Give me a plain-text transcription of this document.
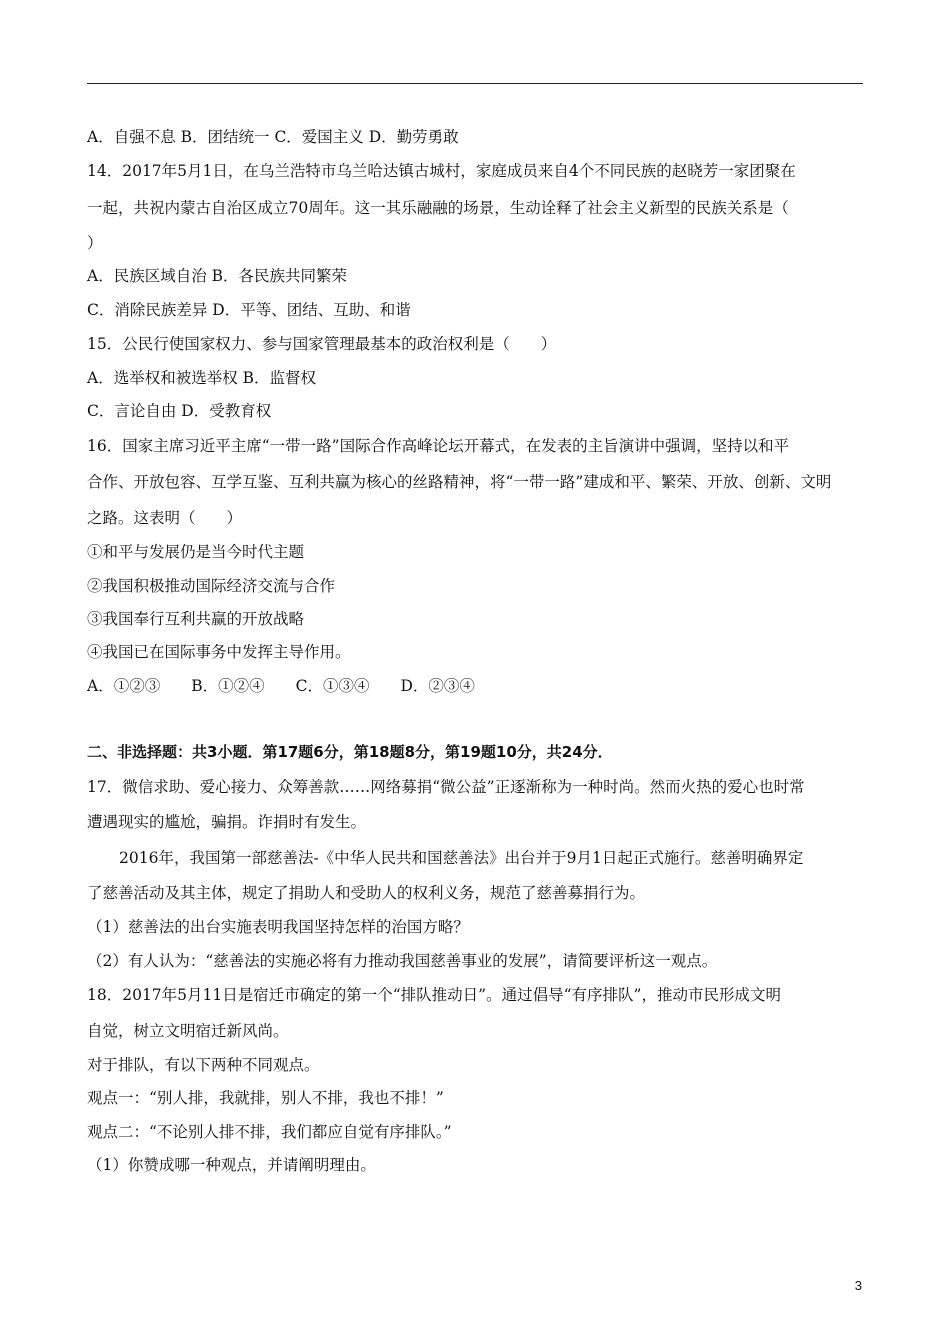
A．自强不息 B．团结统一 C．爱国主义 D．勤劳勇敢
14．2017年5月1日，在乌兰浩特市乌兰哈达镇古城村，家庭成员来自4个不同民族的赵晓芳一家团聚在
一起，共祝内蒙古自治区成立70周年。这一其乐融融的场景，生动诠释了社会主义新型的民族关系是（
）
A．民族区域自治 B．各民族共同繁荣
C．消除民族差异 D．平等、团结、互助、和谐
15．公民行使国家权力、参与国家管理最基本的政治权利是（　　）
A．选举权和被选举权 B．监督权
C．言论自由 D．受教育权
16．国家主席习近平主席“一带一路”国际合作高峰论坛开幕式，在发表的主旨演讲中强调，坚持以和平
合作、开放包容、互学互鉴、互利共赢为核心的丝路精神，将“一带一路”建成和平、繁荣、开放、创新、文明
之路。这表明（　　）
①和平与发展仍是当今时代主题
②我国积极推动国际经济交流与合作
③我国奉行互利共赢的开放战略
④我国已在国际事务中发挥主导作用。
A．①②③　　B．①②④　　C．①③④　　D．②③④
二、非选择题：共3小题．第17题6分，第18题8分，第19题10分，共24分．
17．微信求助、爱心接力、众筹善款……网络募捐“微公益”正逐渐称为一种时尚。然而火热的爱心也时常
遭遇现实的尴尬，骗捐。诈捐时有发生。
2016年，我国第一部慈善法-《中华人民共和国慈善法》出台并于9月1日起正式施行。慈善明确界定
了慈善活动及其主体，规定了捐助人和受助人的权利义务，规范了慈善募捐行为。
（1）慈善法的出台实施表明我国坚持怎样的治国方略？
（2）有人认为：“慈善法的实施必将有力推动我国慈善事业的发展”，请简要评析这一观点。
18．2017年5月11日是宿迁市确定的第一个“排队推动日”。通过倡导“有序排队”，推动市民形成文明
自觉，树立文明宿迁新风尚。
对于排队，有以下两种不同观点。
观点一：“别人排，我就排，别人不排，我也不排！”
观点二：“不论别人排不排，我们都应自觉有序排队。”
（1）你赞成哪一种观点，并请阐明理由。
3
